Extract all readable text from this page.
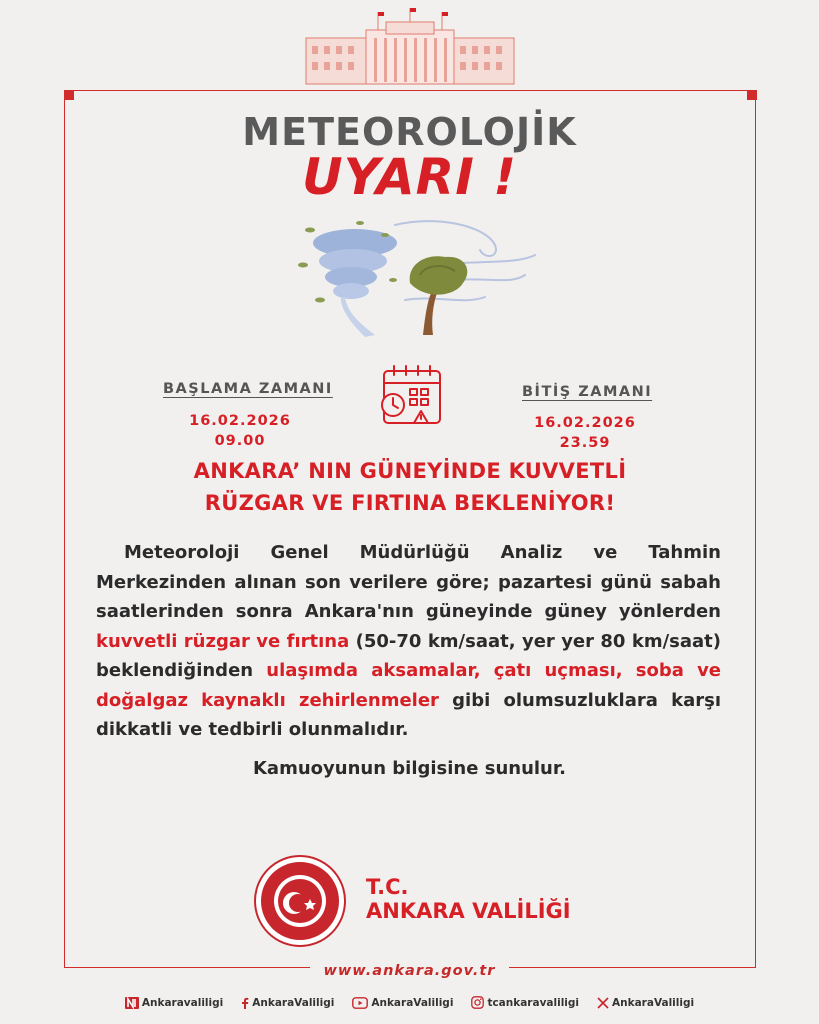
METEOROLOJİK
UYARI !
BAŞLAMA ZAMANI
16.02.2026
09.00
BİTİŞ ZAMANI
16.02.2026
23.59
ANKARA’ NIN GÜNEYİNDE KUVVETLİ
RÜZGAR VE FIRTINA BEKLENİYOR!
Meteoroloji Genel Müdürlüğü Analiz ve Tahmin Merkezinden alınan son verilere göre; pazartesi günü sabah saatlerinden sonra Ankara'nın güneyinde güney yönlerden kuvvetli rüzgar ve fırtına (50-70 km/saat, yer yer 80 km/saat) beklendiğinden ulaşımda aksamalar, çatı uçması, soba ve doğalgaz kaynaklı zehirlenmeler gibi olumsuzluklara karşı dikkatli ve tedbirli olunmalıdır.
Kamuoyunun bilgisine sunulur.
T.C.
ANKARA VALİLİĞİ
www.ankara.gov.tr
Ankaravaliligi	AnkaraValiligi	AnkaraValiligi	tcankaravaliligi	AnkaraValiligi
